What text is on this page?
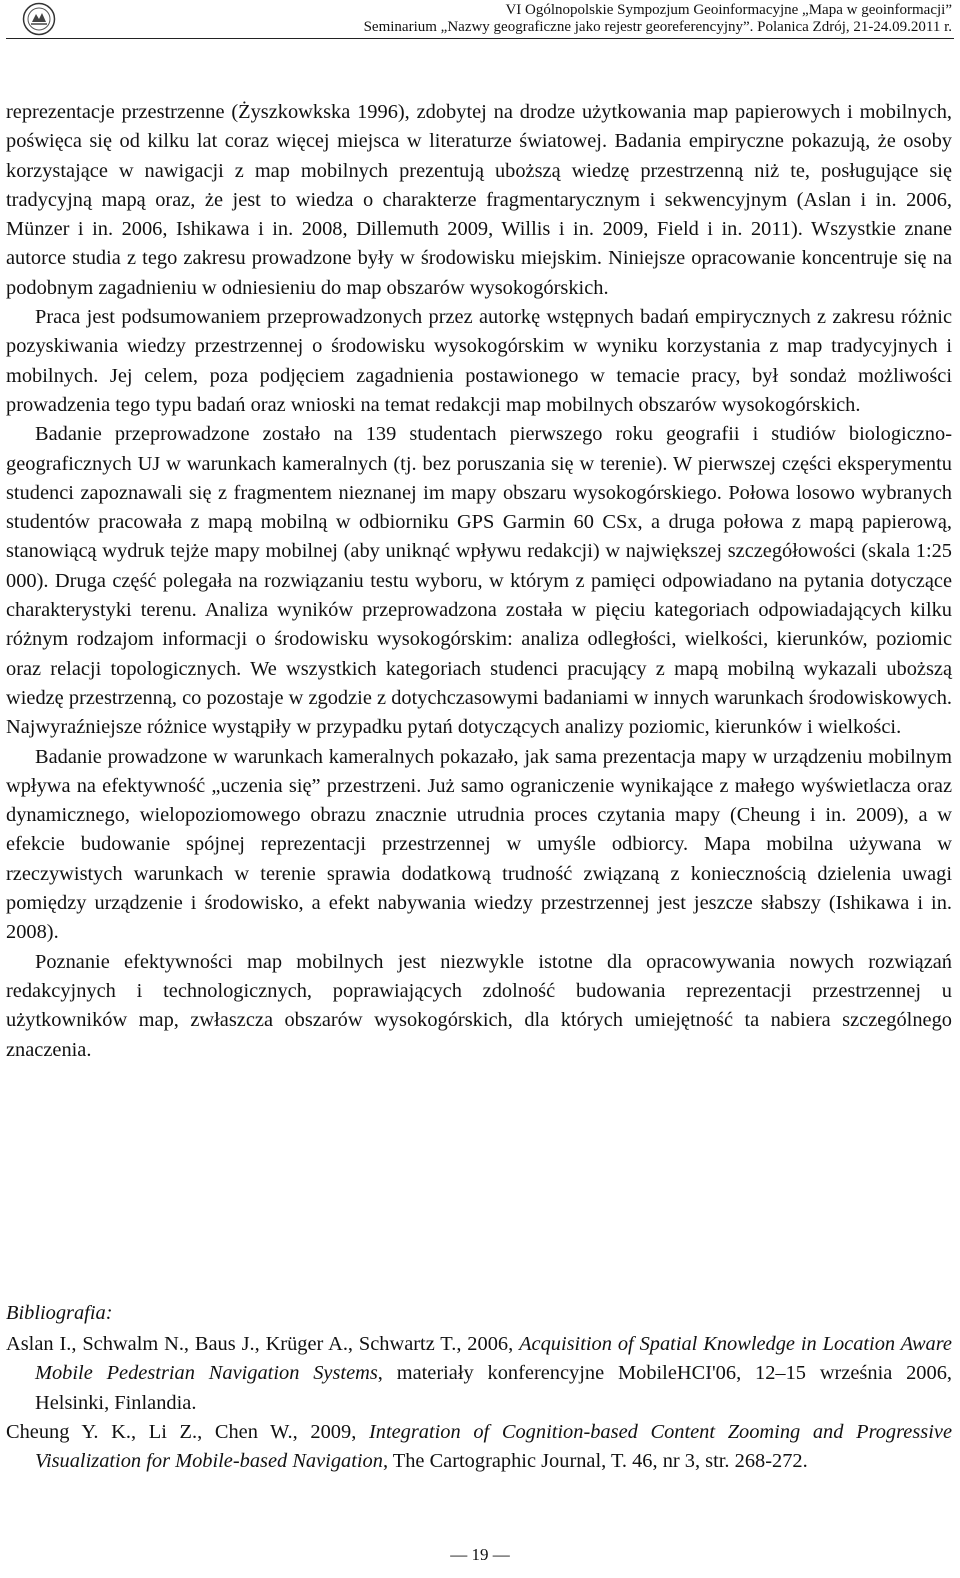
VI Ogólnopolskie Sympozjum Geoinformacyjne „Mapa w geoinformacji”
Seminarium „Nazwy geograficzne jako rejestr georeferencyjny”. Polanica Zdrój, 21-24.09.2011 r.

reprezentacje przestrzenne (Żyszkowkska 1996), zdobytej na drodze użytkowania map papierowych i mobilnych, poświęca się od kilku lat coraz więcej miejsca w literaturze światowej. Badania empiryczne pokazują, że osoby korzystające w nawigacji z map mobilnych prezentują uboższą wiedzę przestrzenną niż te, posługujące się tradycyjną mapą oraz, że jest to wiedza o charakterze fragmentarycznym i sekwencyjnym (Aslan i in. 2006, Münzer i in. 2006, Ishikawa i in. 2008, Dillemuth 2009, Willis i in. 2009, Field i in. 2011). Wszystkie znane autorce studia z tego zakresu prowadzone były w środowisku miejskim. Niniejsze opracowanie koncentruje się na podobnym zagadnieniu w odniesieniu do map obszarów wysokogórskich.

Praca jest podsumowaniem przeprowadzonych przez autorkę wstępnych badań empirycznych z zakresu różnic pozyskiwania wiedzy przestrzennej o środowisku wysokogórskim w wyniku korzystania z map tradycyjnych i mobilnych. Jej celem, poza podjęciem zagadnienia postawionego w temacie pracy, był sondaż możliwości prowadzenia tego typu badań oraz wnioski na temat redakcji map mobilnych obszarów wysokogórskich.

Badanie przeprowadzone zostało na 139 studentach pierwszego roku geografii i studiów biologiczno-geograficznych UJ w warunkach kameralnych (tj. bez poruszania się w terenie). W pierwszej części eksperymentu studenci zapoznawali się z fragmentem nieznanej im mapy obszaru wysokogórskiego. Połowa losowo wybranych studentów pracowała z mapą mobilną w odbiorniku GPS Garmin 60 CSx, a druga połowa z mapą papierową, stanowiącą wydruk tejże mapy mobilnej (aby uniknąć wpływu redakcji) w największej szczegółowości (skala 1:25 000). Druga część polegała na rozwiązaniu testu wyboru, w którym z pamięci odpowiadano na pytania dotyczące charakterystyki terenu. Analiza wyników przeprowadzona została w pięciu kategoriach odpowiadających kilku różnym rodzajom informacji o środowisku wysokogórskim: analiza odległości, wielkości, kierunków, poziomic oraz relacji topologicznych. We wszystkich kategoriach studenci pracujący z mapą mobilną wykazali uboższą wiedzę przestrzenną, co pozostaje w zgodzie z dotychczasowymi badaniami w innych warunkach środowiskowych. Najwyraźniejsze różnice wystąpiły w przypadku pytań dotyczących analizy poziomic, kierunków i wielkości.

Badanie prowadzone w warunkach kameralnych pokazało, jak sama prezentacja mapy w urządzeniu mobilnym wpływa na efektywność „uczenia się” przestrzeni. Już samo ograniczenie wynikające z małego wyświetlacza oraz dynamicznego, wielopoziomowego obrazu znacznie utrudnia proces czytania mapy (Cheung i in. 2009), a w efekcie budowanie spójnej reprezentacji przestrzennej w umyśle odbiorcy. Mapa mobilna używana w rzeczywistych warunkach w terenie sprawia dodatkową trudność związaną z koniecznością dzielenia uwagi pomiędzy urządzenie i środowisko, a efekt nabywania wiedzy przestrzennej jest jeszcze słabszy (Ishikawa i in. 2008).

Poznanie efektywności map mobilnych jest niezwykle istotne dla opracowywania nowych rozwiązań redakcyjnych i technologicznych, poprawiających zdolność budowania reprezentacji przestrzennej u użytkowników map, zwłaszcza obszarów wysokogórskich, dla których umiejętność ta nabiera szczególnego znaczenia.

Bibliografia:

Aslan I., Schwalm N., Baus J., Krüger A., Schwartz T., 2006, Acquisition of Spatial Knowledge in Location Aware Mobile Pedestrian Navigation Systems, materiały konferencyjne MobileHCI'06, 12–15 września 2006, Helsinki, Finlandia.

Cheung Y. K., Li Z., Chen W., 2009, Integration of Cognition-based Content Zooming and Progressive Visualization for Mobile-based Navigation, The Cartographic Journal, T. 46, nr 3, str. 268-272.

— 19 —
